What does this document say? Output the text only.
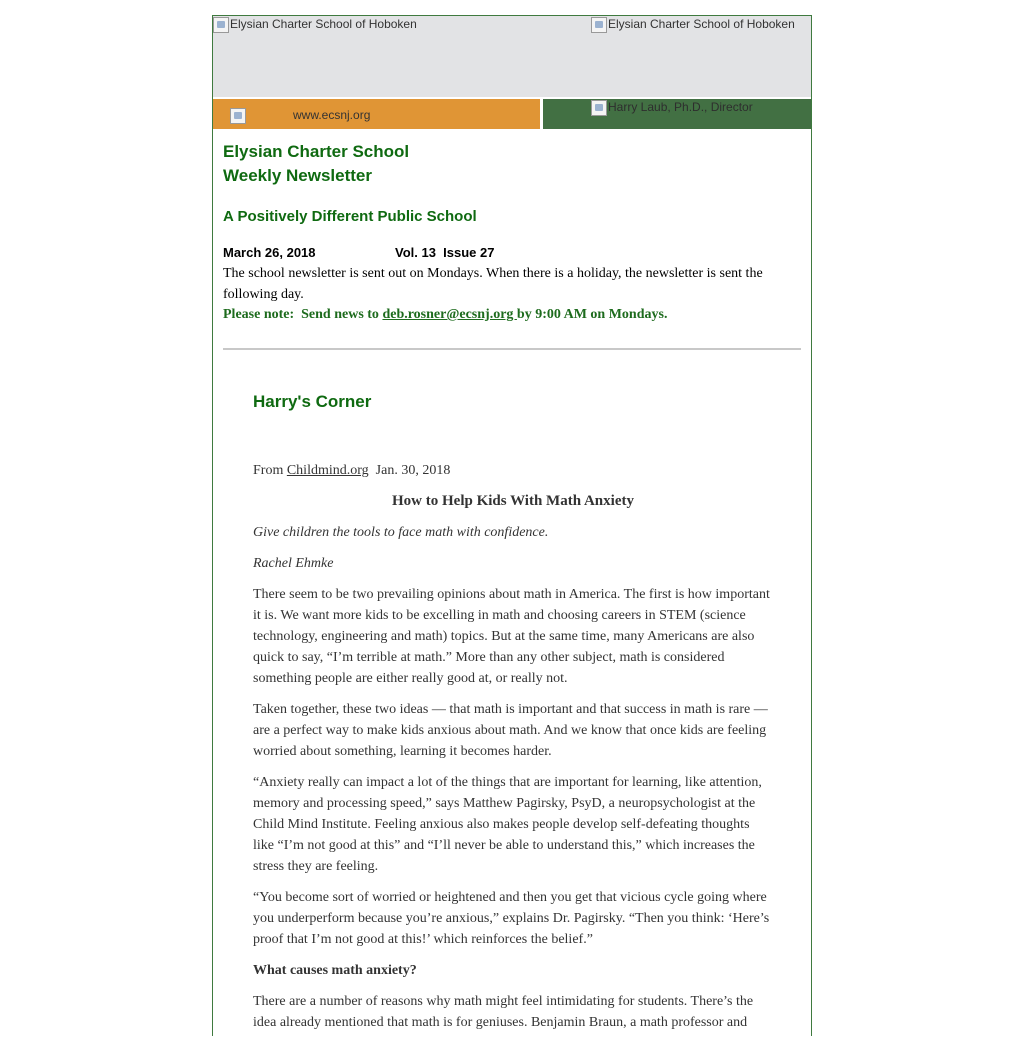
Elysian Charter School of Hoboken	Elysian Charter School of Hoboken
www.ecsnj.org
Harry Laub, Ph.D., Director
Elysian Charter School
Weekly Newsletter
A Positively Different Public School
March 26, 2018	Vol. 13  Issue 27
The school newsletter is sent out on Mondays. When there is a holiday, the newsletter is sent the following day.
Please note:  Send news to deb.rosner@ecsnj.org by 9:00 AM on Mondays.
Harry's Corner

From Childmind.org  Jan. 30, 2018

How to Help Kids With Math Anxiety

Give children the tools to face math with confidence.

Rachel Ehmke

There seem to be two prevailing opinions about math in America. The first is how important it is. We want more kids to be excelling in math and choosing careers in STEM (science technology, engineering and math) topics. But at the same time, many Americans are also quick to say, “I’m terrible at math.” More than any other subject, math is considered something people are either really good at, or really not.

Taken together, these two ideas — that math is important and that success in math is rare — are a perfect way to make kids anxious about math. And we know that once kids are feeling worried about something, learning it becomes harder.

“Anxiety really can impact a lot of the things that are important for learning, like attention, memory and processing speed,” says Matthew Pagirsky, PsyD, a neuropsychologist at the Child Mind Institute. Feeling anxious also makes people develop self-defeating thoughts like “I’m not good at this” and “I’ll never be able to understand this,” which increases the stress they are feeling.

“You become sort of worried or heightened and then you get that vicious cycle going where you underperform because you’re anxious,” explains Dr. Pagirsky. “Then you think: ‘Here’s proof that I’m not good at this!’ which reinforces the belief.”

What causes math anxiety?

There are a number of reasons why math might feel intimidating for students. There’s the idea already mentioned that math is for geniuses. Benjamin Braun, a math professor and
